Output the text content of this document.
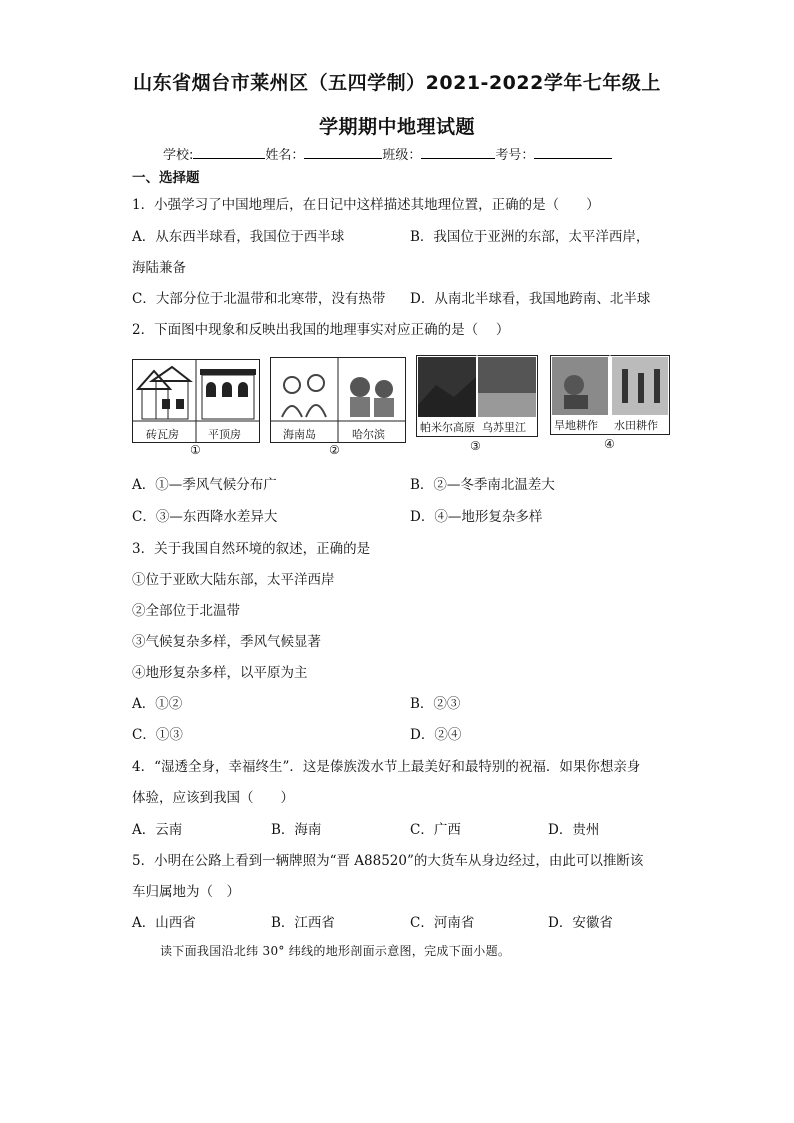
山东省烟台市莱州区（五四学制）2021-2022学年七年级上
学期期中地理试题
学校:	姓名：	班级：	考号：
一、选择题
1．小强学习了中国地理后，在日记中这样描述其地理位置，正确的是（　　）
A．从东西半球看，我国位于西半球	B．我国位于亚洲的东部，太平洋西岸，
海陆兼备
C．大部分位于北温带和北寒带，没有热带 D．从南北半球看，我国地跨南、北半球
2．下面图中现象和反映出我国的地理事实对应正确的是（　 ）
砖瓦房	平顶房
①
海南岛	哈尔滨
②
帕米尔高原 乌苏里江
③
旱地耕作 水田耕作
④
A．①—季风气候分布广	B．②—冬季南北温差大
C．③—东西降水差异大	D．④—地形复杂多样
3．关于我国自然环境的叙述，正确的是
①位于亚欧大陆东部，太平洋西岸
②全部位于北温带
③气候复杂多样，季风气候显著
④地形复杂多样，以平原为主
A．①②	B．②③
C．①③	D．②④
4．“湿透全身，幸福终生”．这是傣族泼水节上最美好和最特别的祝福．如果你想亲身
体验，应该到我国（　　）
A．云南	B．海南	C．广西	D．贵州
5．小明在公路上看到一辆牌照为“晋 A88520”的大货车从身边经过，由此可以推断该
车归属地为（　）
A．山西省	B．江西省	C．河南省	D．安徽省
读下面我国沿北纬 30° 纬线的地形剖面示意图，完成下面小题。
